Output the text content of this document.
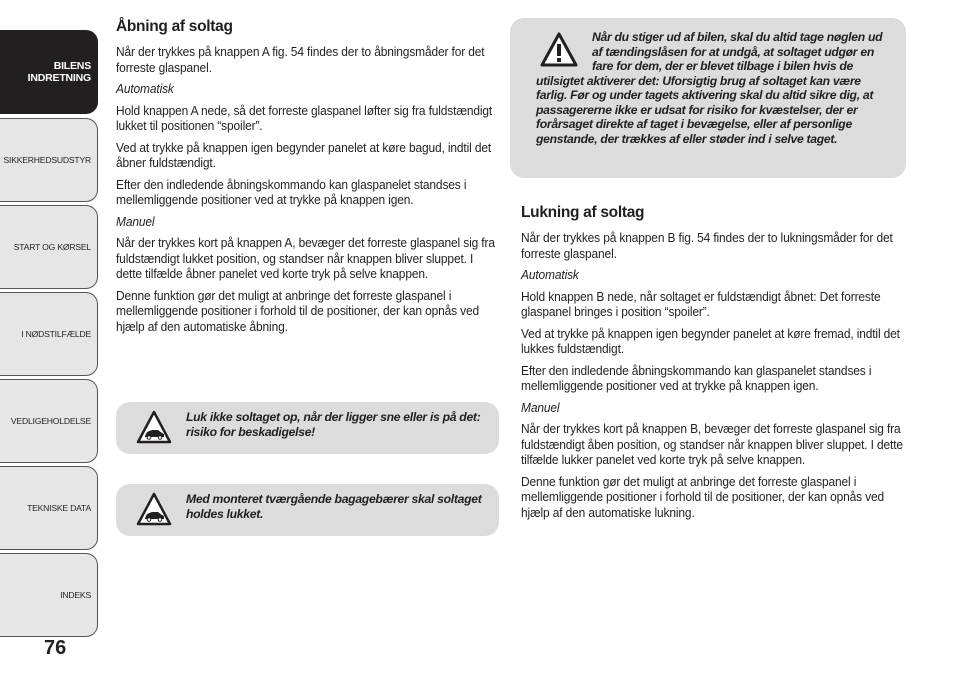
BILENS
INDRETNING
SIKKERHEDSUDSTYR
START OG KØRSEL
I NØDSTILFÆLDE
VEDLIGEHOLDELSE
TEKNISKE DATA
INDEKS
76
Åbning af soltag

Når der trykkes på knappen A fig. 54 findes der to åbningsmåder for det forreste glaspanel.

Automatisk

Hold knappen A nede, så det forreste glaspanel løfter sig fra fuldstændigt lukket til positionen “spoiler”.

Ved at trykke på knappen igen begynder panelet at køre bagud, indtil det åbner fuldstændigt.

Efter den indledende åbningskommando kan glaspanelet standses i mellemliggende positioner ved at trykke på knappen igen.

Manuel

Når der trykkes kort på knappen A, bevæger det forreste glaspanel sig fra fuldstændigt lukket position, og standser når knappen bliver sluppet. I dette tilfælde åbner panelet ved korte tryk på selve knappen.

Denne funktion gør det muligt at anbringe det forreste glaspanel i mellemliggende positioner i forhold til de positioner, der kan opnås ved hjælp af den automatiske åbning.

Luk ikke soltaget op, når der ligger sne eller is på det: risiko for beskadigelse!
Med monteret tværgående bagagebærer skal soltaget holdes lukket.
Når du stiger ud af bilen, skal du altid tage nøglen ud af tændingslåsen for at undgå, at soltaget udgør en fare for dem, der er blevet tilbage i bilen hvis de
utilsigtet aktiverer det: Uforsigtig brug af soltaget kan være farlig. Før og under tagets aktivering skal du altid sikre dig, at passagererne ikke er udsat for risiko for kvæstelser, der er forårsaget direkte af taget i bevægelse, eller af personlige genstande, der trækkes af eller støder ind i selve taget.
Lukning af soltag

Når der trykkes på knappen B fig. 54 findes der to lukningsmåder for det forreste glaspanel.

Automatisk

Hold knappen B nede, når soltaget er fuldstændigt åbnet: Det forreste glaspanel bringes i position “spoiler”.

Ved at trykke på knappen igen begynder panelet at køre fremad, indtil det lukkes fuldstændigt.

Efter den indledende åbningskommando kan glaspanelet standses i mellemliggende positioner ved at trykke på knappen igen.

Manuel

Når der trykkes kort på knappen B, bevæger det forreste glaspanel sig fra fuldstændigt åben position, og standser når knappen bliver sluppet. I dette tilfælde lukker panelet ved korte tryk på selve knappen.

Denne funktion gør det muligt at anbringe det forreste glaspanel i mellemliggende positioner i forhold til de positioner, der kan opnås ved hjælp af den automatiske lukning.
